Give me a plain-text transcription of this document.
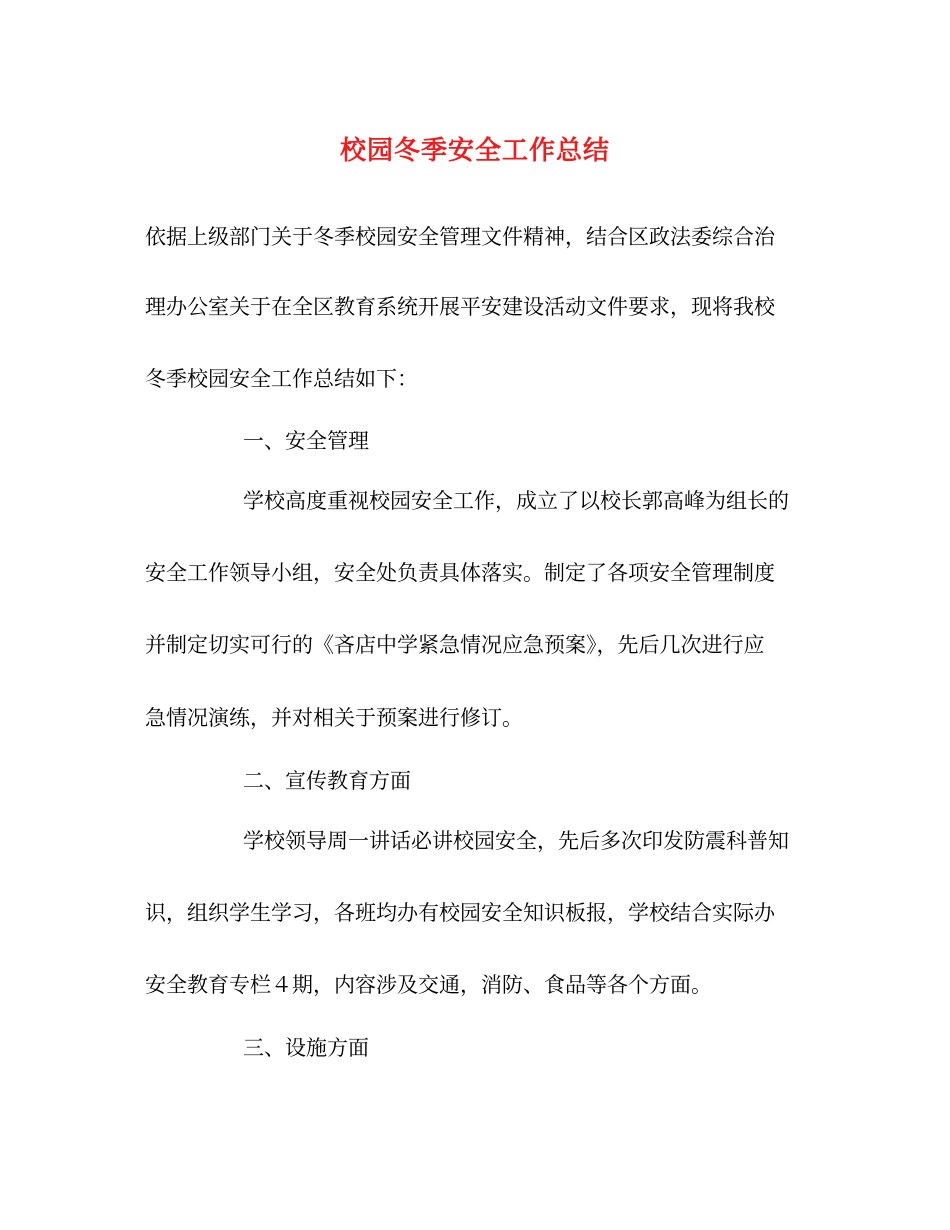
校园冬季安全工作总结
依据上级部门关于冬季校园安全管理文件精神，结合区政法委综合治
理办公室关于在全区教育系统开展平安建设活动文件要求，现将我校
冬季校园安全工作总结如下：
一、安全管理
学校高度重视校园安全工作，成立了以校长郭高峰为组长的
安全工作领导小组，安全处负责具体落实。制定了各项安全管理制度
并制定切实可行的《吝店中学紧急情况应急预案》，先后几次进行应
急情况演练，并对相关于预案进行修订。
二、宣传教育方面
学校领导周一讲话必讲校园安全，先后多次印发防震科普知
识，组织学生学习，各班均办有校园安全知识板报，学校结合实际办
安全教育专栏４期，内容涉及交通，消防、食品等各个方面。
三、设施方面
